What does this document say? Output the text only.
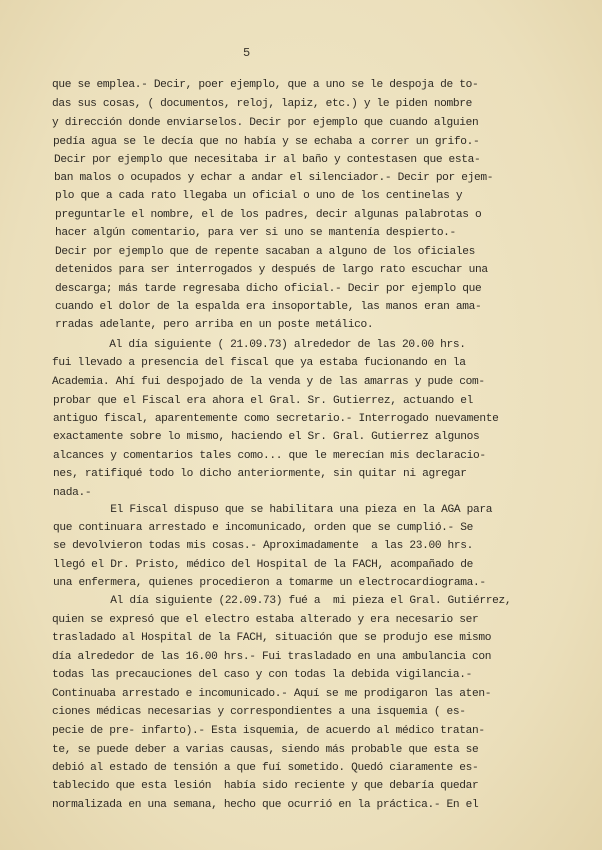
5
que se emplea.- Decir, poer ejemplo, que a uno se le despoja de to-
das sus cosas, ( documentos, reloj, lapiz, etc.) y le piden nombre
y dirección donde enviarselos. Decir por ejemplo que cuando alguien
pedía agua se le decía que no había y se echaba a correr un grifo.-
Decir por ejemplo que necesitaba ir al baño y contestasen que esta-
ban malos o ocupados y echar a andar el silenciador.- Decir por ejem-
plo que a cada rato llegaba un oficial o uno de los centinelas y
preguntarle el nombre, el de los padres, decir algunas palabrotas o
hacer algún comentario, para ver si uno se mantenía despierto.-
Decir por ejemplo que de repente sacaban a alguno de los oficiales
detenidos para ser interrogados y después de largo rato escuchar una
descarga; más tarde regresaba dicho oficial.- Decir por ejemplo que
cuando el dolor de la espalda era insoportable, las manos eran ama-
rradas adelante, pero arriba en un poste metálico.
Al día siguiente ( 21.09.73) alrededor de las 20.00 hrs.
fui llevado a presencia del fiscal que ya estaba fucionando en la
Academia. Ahí fui despojado de la venda y de las amarras y pude com-
probar que el Fiscal era ahora el Gral. Sr. Gutierrez, actuando el
antiguo fiscal, aparentemente como secretario.- Interrogado nuevamente
exactamente sobre lo mismo, haciendo el Sr. Gral. Gutierrez algunos
alcances y comentarios tales como... que le merecían mis declaracio-
nes, ratifiqué todo lo dicho anteriormente, sin quitar ni agregar
nada.-
El Fiscal dispuso que se habilitara una pieza en la AGA para
que continuara arrestado e incomunicado, orden que se cumplió.- Se
se devolvieron todas mis cosas.- Aproximadamente  a las 23.00 hrs.
llegó el Dr. Pristo, médico del Hospital de la FACH, acompañado de
una enfermera, quienes procedieron a tomarme un electrocardiograma.-
Al día siguiente (22.09.73) fué a  mi pieza el Gral. Gutiérrez,
quien se expresó que el electro estaba alterado y era necesario ser
trasladado al Hospital de la FACH, situación que se produjo ese mismo
día alrededor de las 16.00 hrs.- Fui trasladado en una ambulancia con
todas las precauciones del caso y con todas la debida vigilancia.-
Continuaba arrestado e incomunicado.- Aquí se me prodigaron las aten-
ciones médicas necesarias y correspondientes a una isquemia ( es-
pecie de pre- infarto).- Esta isquemia, de acuerdo al médico tratan-
te, se puede deber a varias causas, siendo más probable que esta se
debió al estado de tensión a que fuí sometido. Quedó ciaramente es-
tablecido que esta lesión  había sido reciente y que debaría quedar
normalizada en una semana, hecho que ocurrió en la práctica.- En el
